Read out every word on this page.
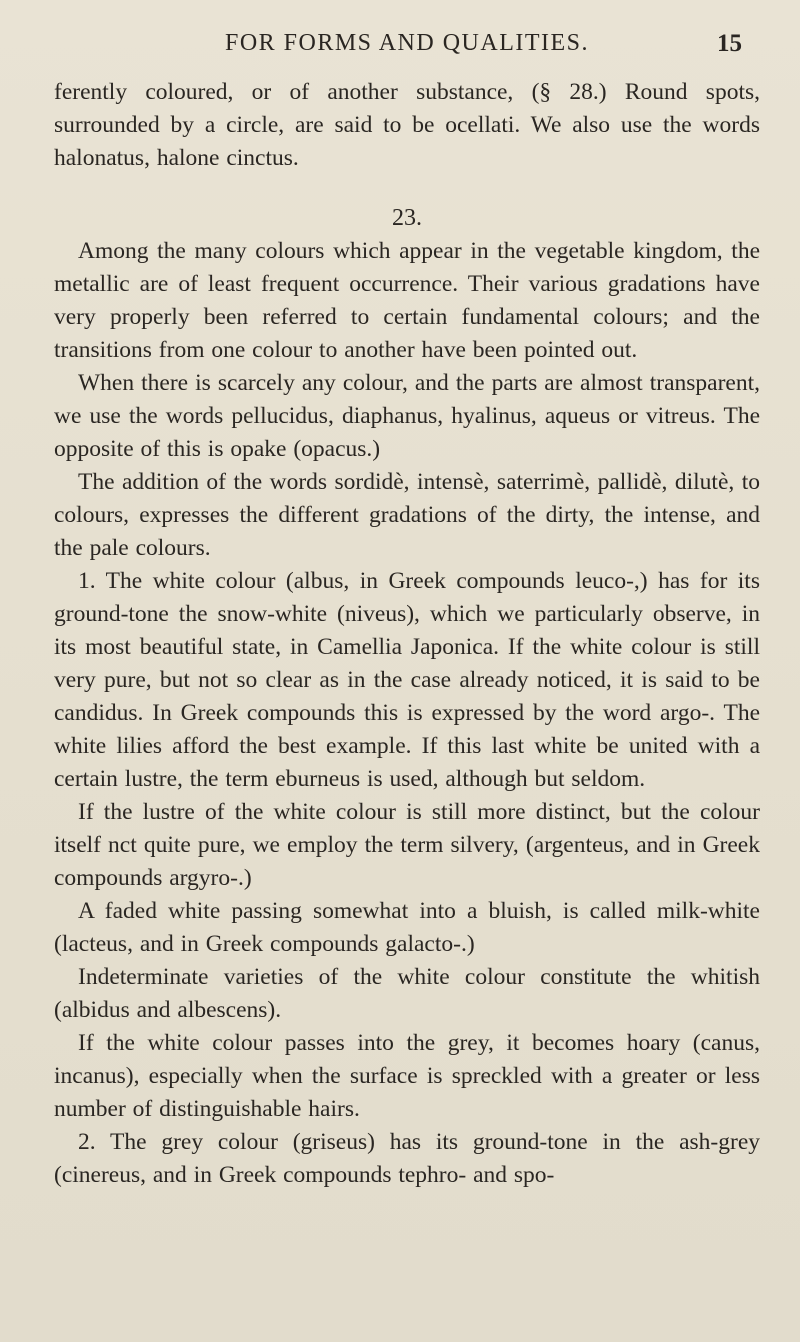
FOR FORMS AND QUALITIES.	15

ferently coloured, or of another substance, (§ 28.) Round spots, surrounded by a circle, are said to be ocellati. We also use the words halonatus, halone cinctus.

23.

Among the many colours which appear in the vegetable kingdom, the metallic are of least frequent occurrence. Their various gradations have very properly been referred to certain fundamental colours; and the transitions from one colour to another have been pointed out.

When there is scarcely any colour, and the parts are almost transparent, we use the words pellucidus, diaphanus, hyalinus, aqueus or vitreus. The opposite of this is opake (opacus.)

The addition of the words sordidè, intensè, saterrimè, pallidè, dilutè, to colours, expresses the different gradations of the dirty, the intense, and the pale colours.

1. The white colour (albus, in Greek compounds leuco-,) has for its ground-tone the snow-white (niveus), which we particularly observe, in its most beautiful state, in Camellia Japonica. If the white colour is still very pure, but not so clear as in the case already noticed, it is said to be candidus. In Greek compounds this is expressed by the word argo-. The white lilies afford the best example. If this last white be united with a certain lustre, the term eburneus is used, although but seldom.

If the lustre of the white colour is still more distinct, but the colour itself nct quite pure, we employ the term silvery, (argenteus, and in Greek compounds argyro-.)

A faded white passing somewhat into a bluish, is called milk-white (lacteus, and in Greek compounds galacto-.)

Indeterminate varieties of the white colour constitute the whitish (albidus and albescens).

If the white colour passes into the grey, it becomes hoary (canus, incanus), especially when the surface is spreckled with a greater or less number of distinguishable hairs.

2. The grey colour (griseus) has its ground-tone in the ash-grey (cinereus, and in Greek compounds tephro- and spo-
